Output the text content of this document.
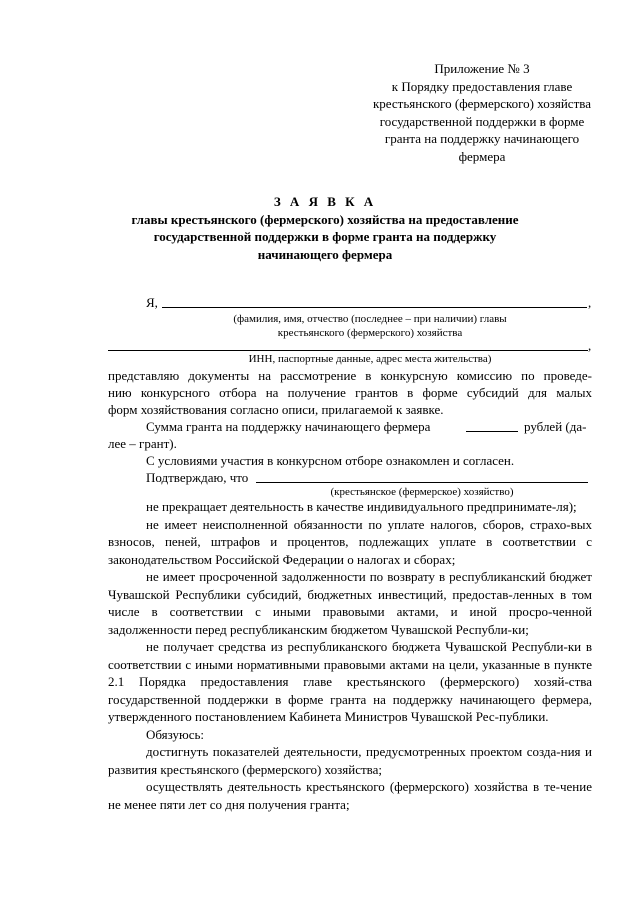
Приложение № 3
к Порядку предоставления главе
крестьянского (фермерского) хозяйства
государственной поддержки в форме
гранта на поддержку начинающего
фермера
З А Я В К А
главы крестьянского (фермерского) хозяйства на предоставление
государственной поддержки в форме гранта на поддержку
начинающего фермера
Я,	,
(фамилия, имя, отчество (последнее – при наличии) главы
крестьянского (фермерского) хозяйства
,
ИНН, паспортные данные, адрес места жительства)
представляю документы на рассмотрение в конкурсную комиссию по проведе-
нию конкурсного отбора на получение грантов в форме субсидий для малых
форм хозяйствования согласно описи, прилагаемой к заявке.
Сумма гранта на поддержку начинающего фермера	рублей (да-
лее – грант).
С условиями участия в конкурсном отборе ознакомлен и согласен.
Подтверждаю, что
(крестьянское (фермерское) хозяйство)

не прекращает деятельность в качестве индивидуального предпринимате-ля);

не имеет неисполненной обязанности по уплате налогов, сборов, страхо-вых взносов, пеней, штрафов и процентов, подлежащих уплате в соответствии с законодательством Российской Федерации о налогах и сборах;

не имеет просроченной задолженности по возврату в республиканский бюджет Чувашской Республики субсидий, бюджетных инвестиций, предостав-ленных в том числе в соответствии с иными правовыми актами, и иной просро-ченной задолженности перед республиканским бюджетом Чувашской Республи-ки;

не получает средства из республиканского бюджета Чувашской Республи-ки в соответствии с иными нормативными правовыми актами на цели, указанные в пункте 2.1 Порядка предоставления главе крестьянского (фермерского) хозяй-ства государственной поддержки в форме гранта на поддержку начинающего фермера, утвержденного постановлением Кабинета Министров Чувашской Рес-публики.

Обязуюсь:

достигнуть показателей деятельности, предусмотренных проектом созда-ния и развития крестьянского (фермерского) хозяйства;

осуществлять деятельность крестьянского (фермерского) хозяйства в те-чение не менее пяти лет со дня получения гранта;
